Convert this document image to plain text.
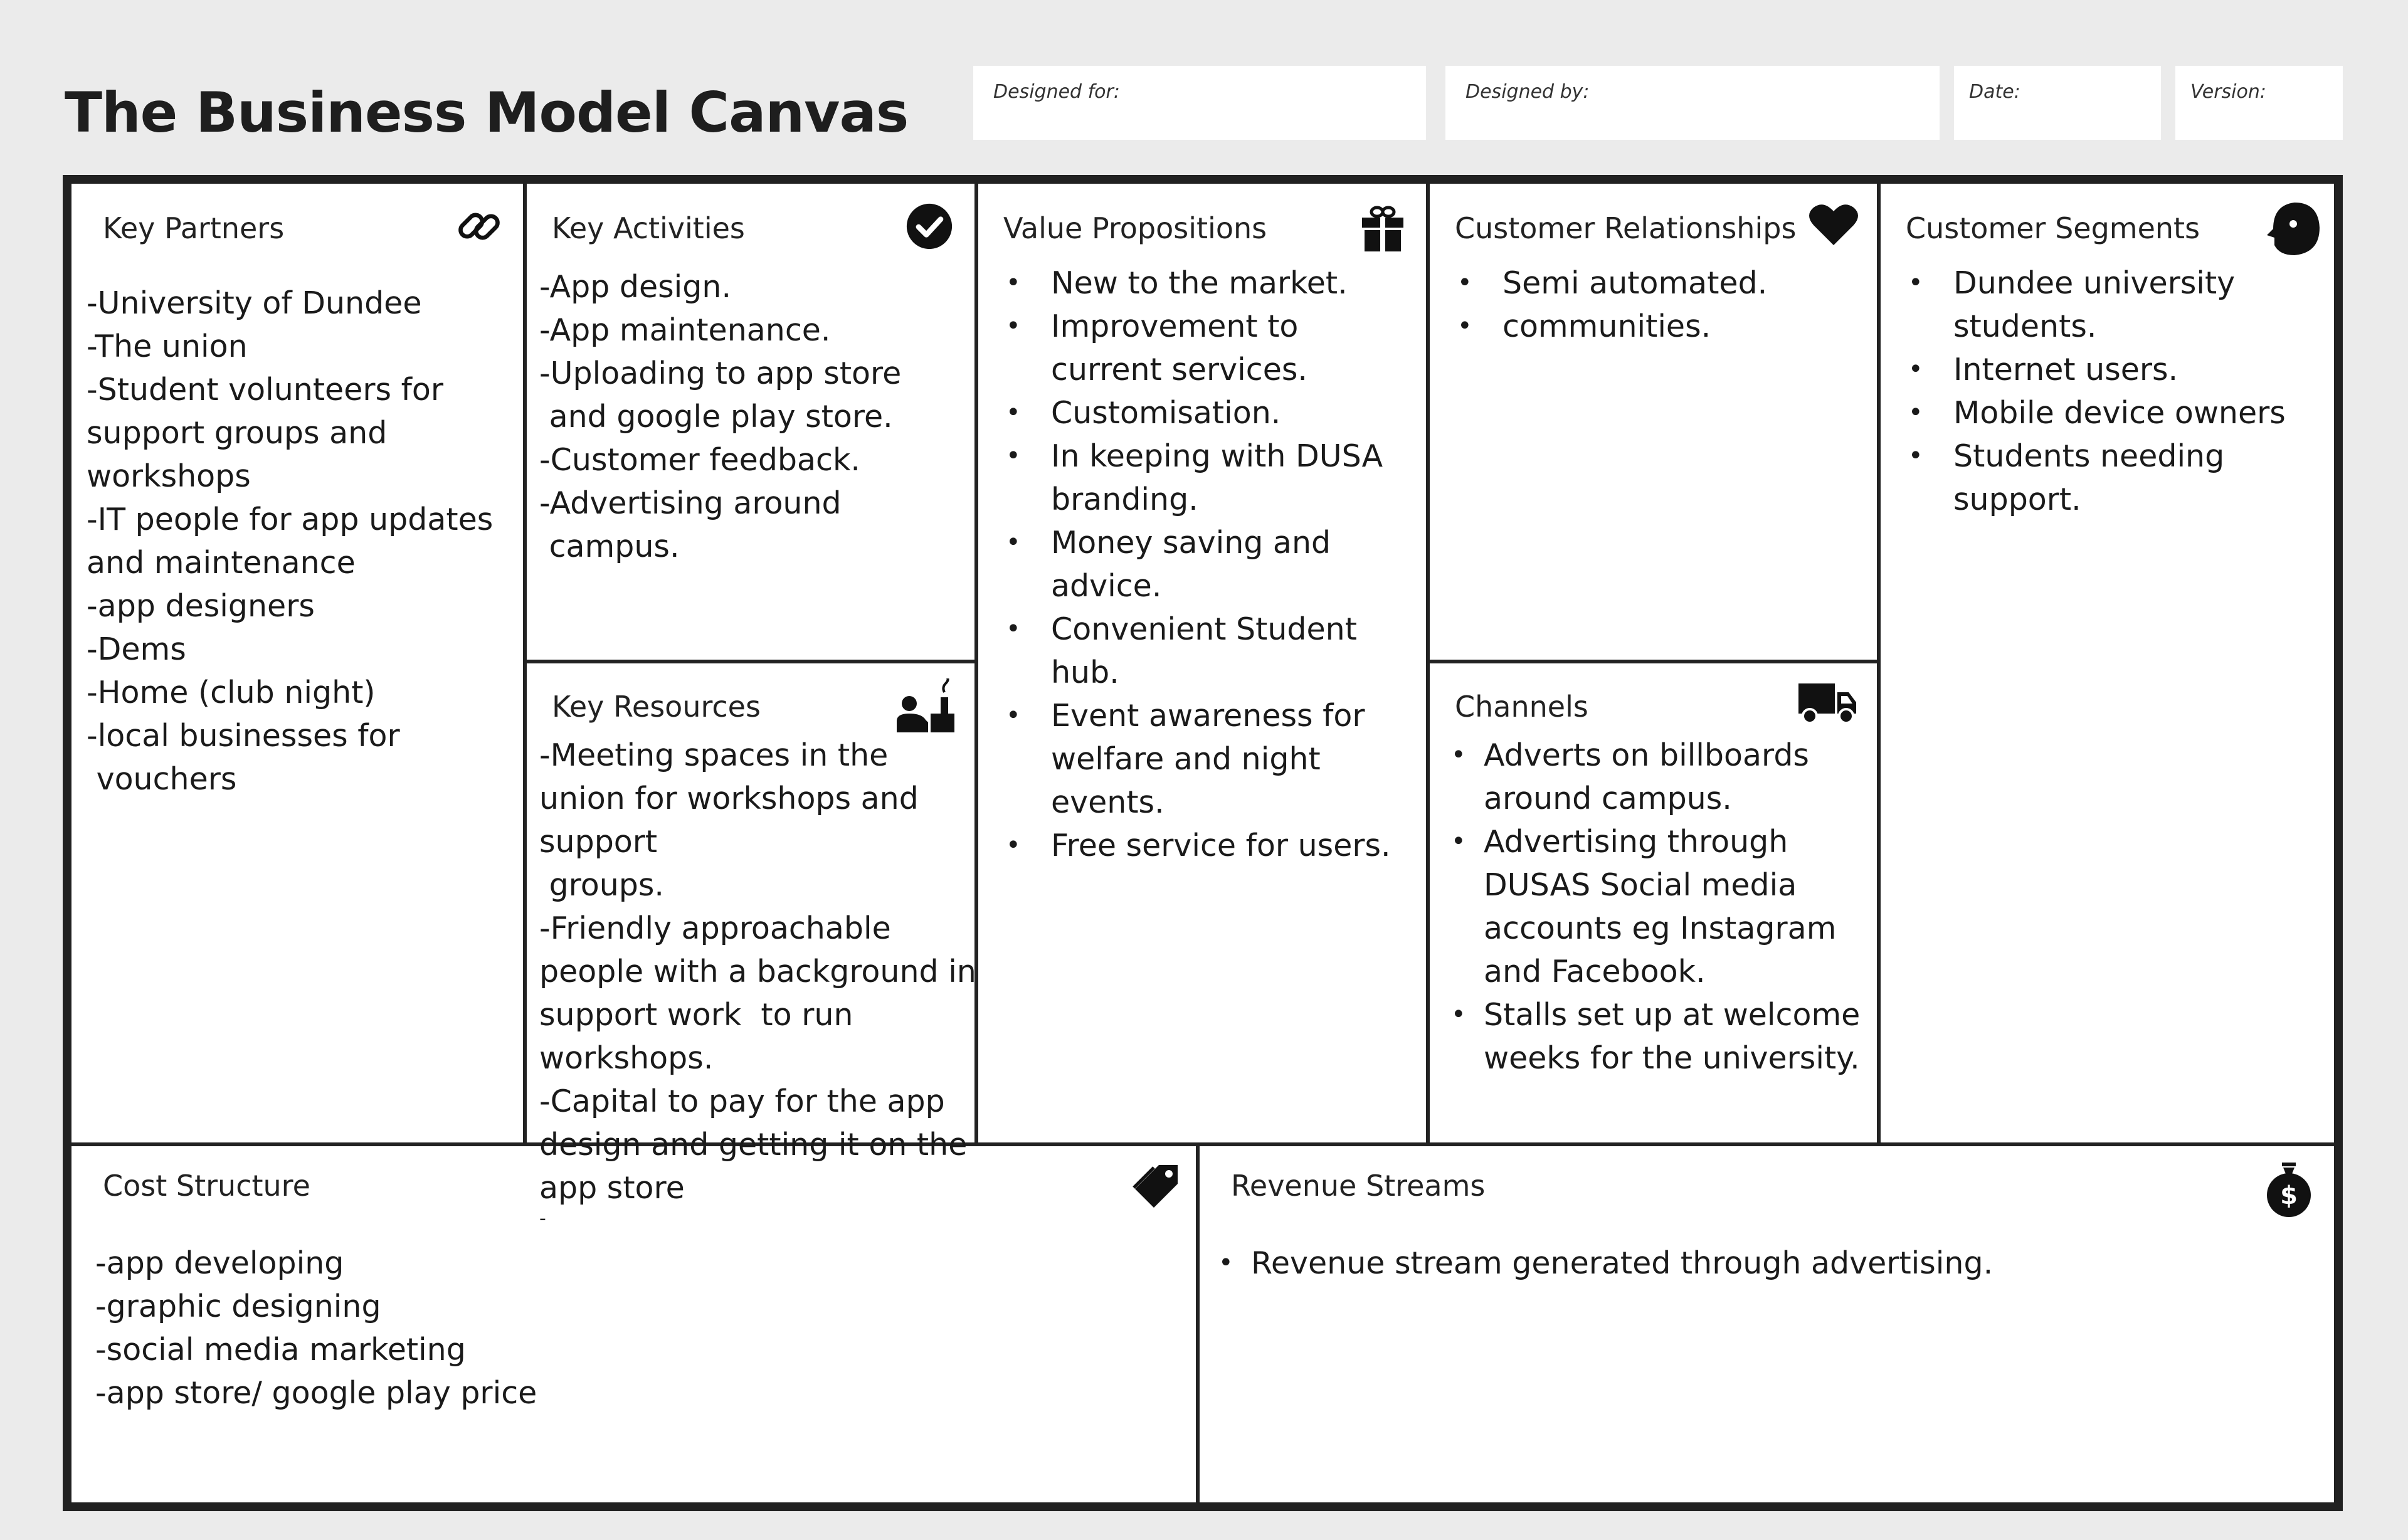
The Business Model Canvas	Designed for:	Designed by:	Date:	Version:
Key Partners
-University of Dundee
-The union
-Student volunteers for support groups and workshops
-IT people for app updates and maintenance
-app designers
-Dems
-Home (club night)
-local businesses for
vouchers
Key Activities
-App design.
-App maintenance.
-Uploading to app store
and google play store.
-Customer feedback.
-Advertising around
campus.
Key Resources
-Meeting spaces in the union for workshops and support
groups.
-Friendly approachable people with a background in support work  to run workshops.
-Capital to pay for the app design and getting it on the app store
-
Value Propositions
• New to the market.
• Improvement to current services.
• Customisation.
• In keeping with DUSA branding.
• Money saving and advice.
• Convenient Student hub.
• Event awareness for welfare and night events.
• Free service for users.
Customer Relationships
• Semi automated.
• communities.
Channels
• Adverts on billboards around campus.
• Advertising through DUSAS Social media accounts eg Instagram and Facebook.
• Stalls set up at welcome weeks for the university.
Customer Segments
• Dundee university students.
• Internet users.
• Mobile device owners
• Students needing support.
Cost Structure
-app developing
-graphic designing
-social media marketing
-app store/ google play price
Revenue Streams	$
• Revenue stream generated through advertising.
